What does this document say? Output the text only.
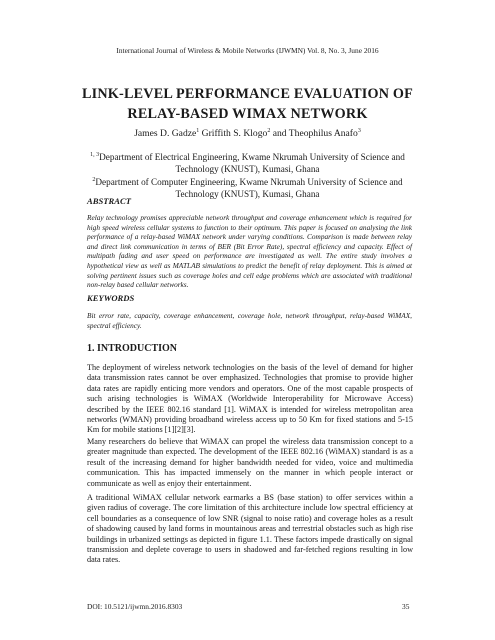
International Journal of Wireless & Mobile Networks (IJWMN) Vol. 8, No. 3, June 2016
LINK-LEVEL PERFORMANCE EVALUATION OF
RELAY-BASED WIMAX NETWORK
James D. Gadze$^1$ Griffith S. Klogo$^2$ and Theophilus Anafo$^3$
$^{1, 3}$Department of Electrical Engineering, Kwame Nkrumah University of Science and Technology (KNUST), Kumasi, Ghana
$^2$Department of Computer Engineering, Kwame Nkrumah University of Science and Technology (KNUST), Kumasi, Ghana
ABSTRACT
Relay technology promises appreciable network throughput and coverage enhancement which is required for high speed wireless cellular systems to function to their optimum. This paper is focused on analysing the link performance of a relay-based WiMAX network under varying conditions. Comparison is made between relay and direct link communication in terms of BER (Bit Error Rate), spectral efficiency and capacity. Effect of multipath fading and user speed on performance are investigated as well. The entire study involves a hypothetical view as well as MATLAB simulations to predict the benefit of relay deployment. This is aimed at solving pertinent issues such as coverage holes and cell edge problems which are associated with traditional non-relay based cellular networks.
KEYWORDS
Bit error rate, capacity, coverage enhancement, coverage hole, network throughput, relay-based WiMAX, spectral efficiency.
1. INTRODUCTION
The deployment of wireless network technologies on the basis of the level of demand for higher data transmission rates cannot be over emphasized. Technologies that promise to provide higher data rates are rapidly enticing more vendors and operators. One of the most capable prospects of such arising technologies is WiMAX (Worldwide Interoperability for Microwave Access) described by the IEEE 802.16 standard [1]. WiMAX is intended for wireless metropolitan area networks (WMAN) providing broadband wireless access up to 50 Km for fixed stations and 5-15 Km for mobile stations [1][2][3].
Many researchers do believe that WiMAX can propel the wireless data transmission concept to a greater magnitude than expected. The development of the IEEE 802.16 (WiMAX) standard is as a result of the increasing demand for higher bandwidth needed for video, voice and multimedia communication. This has impacted immensely on the manner in which people interact or communicate as well as enjoy their entertainment.
A traditional WiMAX cellular network earmarks a BS (base station) to offer services within a given radius of coverage. The core limitation of this architecture include low spectral efficiency at cell boundaries as a consequence of low SNR (signal to noise ratio) and coverage holes as a result of shadowing caused by land forms in mountainous areas and terrestrial obstacles such as high rise buildings in urbanized settings as depicted in figure 1.1. These factors impede drastically on signal transmission and deplete coverage to users in shadowed and far-fetched regions resulting in low data rates.
DOI: 10.5121/ijwmn.2016.8303	35
